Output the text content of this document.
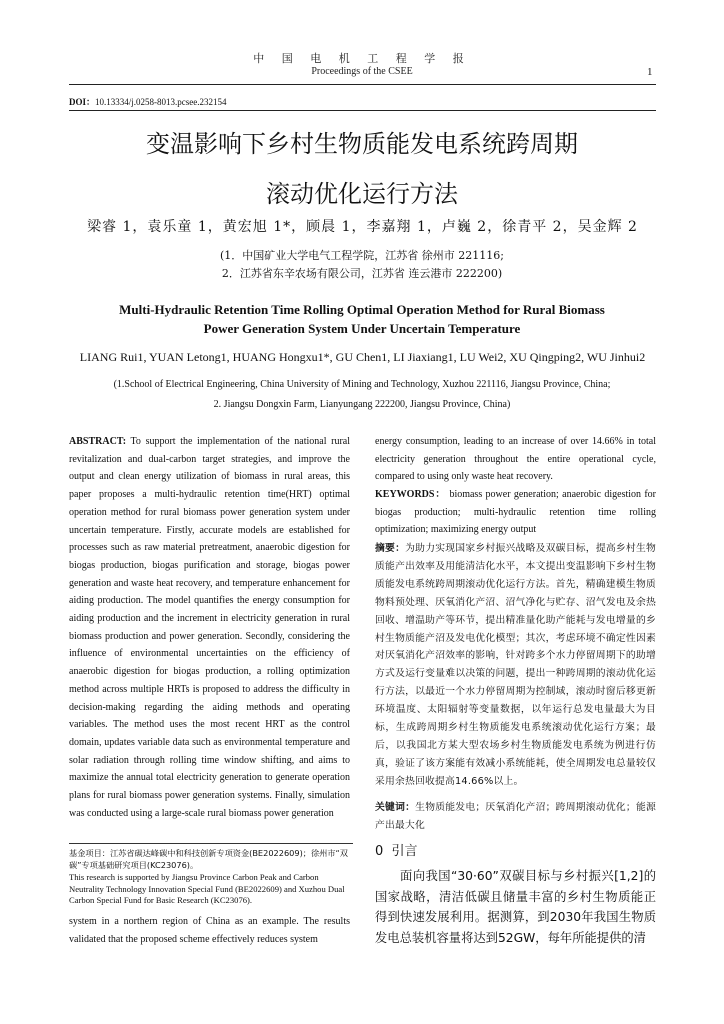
中 国 电 机 工 程 学 报
Proceedings of the CSEE	1
DOI：10.13334/j.0258-8013.pcsee.232154
变温影响下乡村生物质能发电系统跨周期
滚动优化运行方法
梁睿 1，袁乐童 1，黄宏旭 1*，顾晨 1，李嘉翔 1，卢巍 2，徐青平 2，吴金辉 2
(1．中国矿业大学电气工程学院，江苏省 徐州市 221116;
2．江苏省东辛农场有限公司，江苏省 连云港市 222200)
Multi-Hydraulic Retention Time Rolling Optimal Operation Method for Rural Biomass
Power Generation System Under Uncertain Temperature
LIANG Rui1, YUAN Letong1, HUANG Hongxu1*, GU Chen1, LI Jiaxiang1, LU Wei2, XU Qingping2, WU Jinhui2
(1.School of Electrical Engineering, China University of Mining and Technology, Xuzhou 221116, Jiangsu Province, China;
2. Jiangsu Dongxin Farm, Lianyungang 222200, Jiangsu Province, China)
ABSTRACT: To support the implementation of the national rural revitalization and dual-carbon target strategies, and improve the output and clean energy utilization of biomass in rural areas, this paper proposes a multi-hydraulic retention time(HRT) optimal operation method for rural biomass power generation system under uncertain temperature. Firstly, accurate models are established for processes such as raw material pretreatment, anaerobic digestion for biogas production, biogas purification and storage, biogas power generation and waste heat recovery, and temperature enhancement for aiding production. The model quantifies the energy consumption for aiding production and the increment in electricity generation in rural biomass production and power generation. Secondly, considering the influence of environmental uncertainties on the efficiency of anaerobic digestion for biogas production, a rolling optimization method across multiple HRTs is proposed to address the difficulty in decision-making regarding the aiding methods and operating variables. The method uses the most recent HRT as the control domain, updates variable data such as environmental temperature and solar radiation through rolling time window shifting, and aims to maximize the annual total electricity generation to generate operation plans for rural biomass power generation systems. Finally, simulation was conducted using a large-scale rural biomass power generation
基金项目：江苏省碳达峰碳中和科技创新专项资金(BE2022609)；徐州市“双碳”专项基础研究项目(KC23076)。
This research is supported by Jiangsu Province Carbon Peak and Carbon Neutrality Technology Innovation Special Fund (BE2022609) and Xuzhou Dual Carbon Special Fund for Basic Research (KC23076).
system in a northern region of China as an example. The results validated that the proposed scheme effectively reduces system
energy consumption, leading to an increase of over 14.66% in total electricity generation throughout the entire operational cycle, compared to using only waste heat recovery.
KEYWORDS： biomass power generation; anaerobic digestion for biogas production; multi-hydraulic retention time rolling optimization; maximizing energy output
摘要：为助力实现国家乡村振兴战略及双碳目标，提高乡村生物质能产出效率及用能清洁化水平，本文提出变温影响下乡村生物质能发电系统跨周期滚动优化运行方法。首先，精确建模生物质物料预处理、厌氧消化产沼、沼气净化与贮存、沼气发电及余热回收、增温助产等环节，提出精准量化助产能耗与发电增量的乡村生物质能产沼及发电优化模型；其次，考虑环境不确定性因素对厌氧消化产沼效率的影响，针对跨多个水力停留周期下的助增方式及运行变量难以决策的问题，提出一种跨周期的滚动优化运行方法，以最近一个水力停留周期为控制域，滚动时窗后移更新环境温度、太阳辐射等变量数据，以年运行总发电量最大为目标，生成跨周期乡村生物质能发电系统滚动优化运行方案；最后，以我国北方某大型农场乡村生物质能发电系统为例进行仿真，验证了该方案能有效减小系统能耗，使全周期发电总量较仅采用余热回收提高14.66%以上。
关键词：生物质能发电；厌氧消化产沼；跨周期滚动优化；能源产出最大化
0 引言
面向我国“30·60”双碳目标与乡村振兴[1,2]的国家战略，清洁低碳且储量丰富的乡村生物质能正得到快速发展利用。据测算，到2030年我国生物质发电总装机容量将达到52GW，每年所能提供的清
